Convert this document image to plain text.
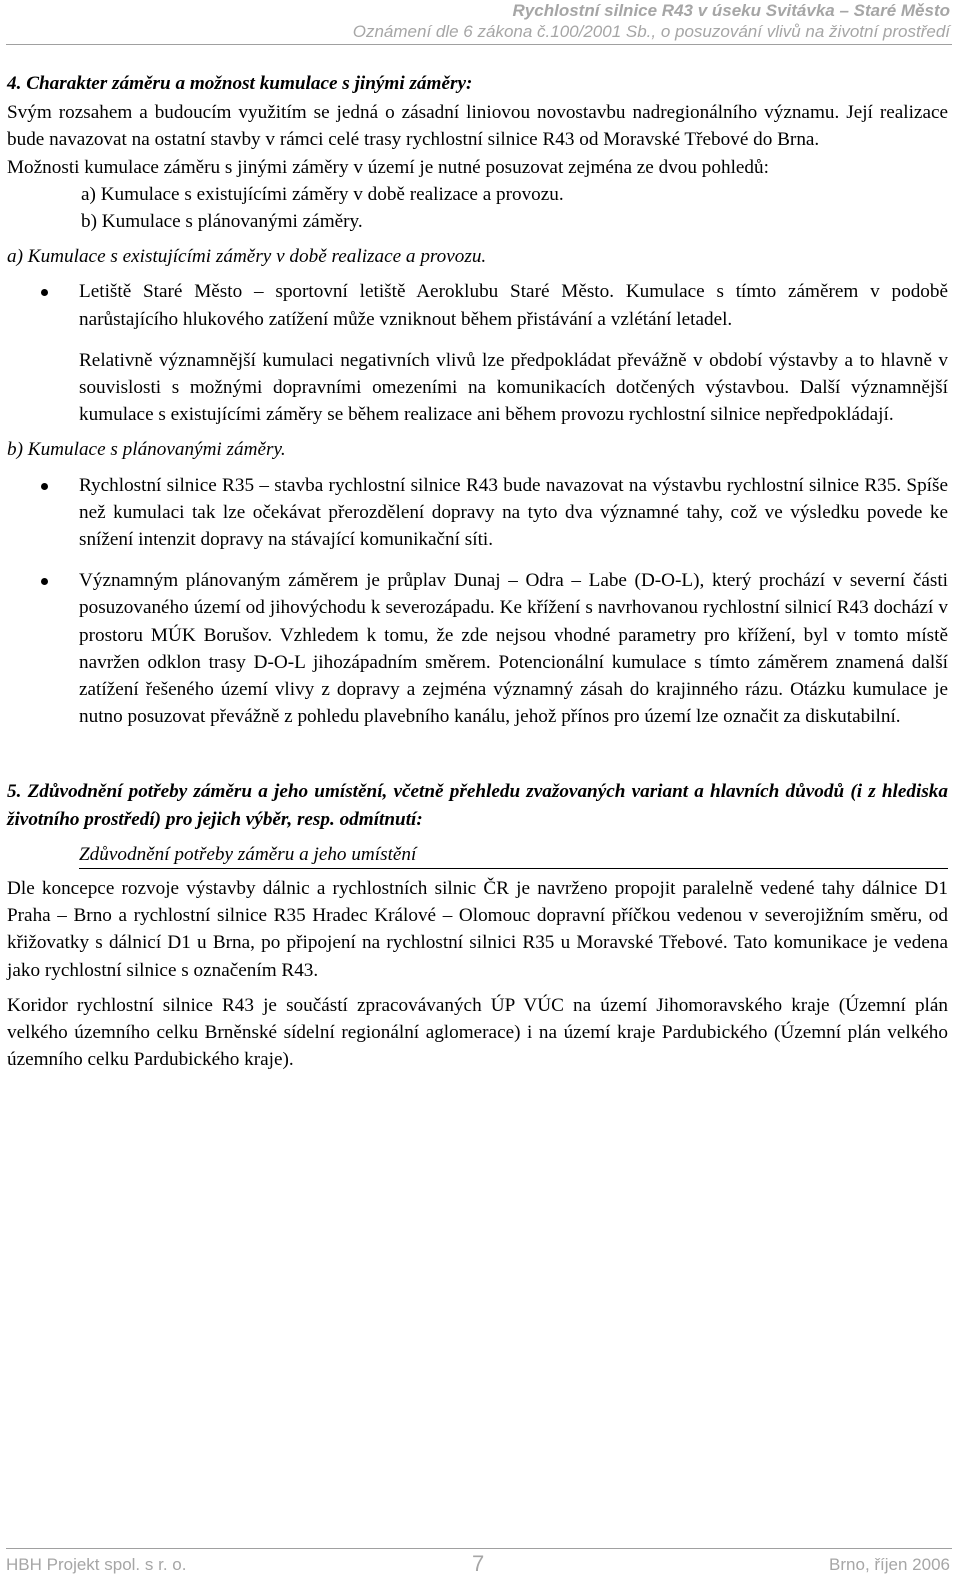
Rychlostní silnice R43 v úseku Svitávka – Staré Město
Oznámení dle 6 zákona č.100/2001 Sb., o posuzování vlivů na životní prostředí

4. Charakter záměru a možnost kumulace s jinými záměry:

Svým rozsahem a budoucím využitím se jedná o zásadní liniovou novostavbu nadregionálního významu. Její realizace bude navazovat na ostatní stavby v rámci celé trasy rychlostní silnice R43 od Moravské Třebové do Brna.

Možnosti kumulace záměru s jinými záměry v území je nutné posuzovat zejména ze dvou pohledů:

a) Kumulace s existujícími záměry v době realizace a provozu.

b) Kumulace s plánovanými záměry.

a) Kumulace s existujícími záměry v době realizace a provozu.

Letiště Staré Město – sportovní letiště Aeroklubu Staré Město. Kumulace s tímto záměrem v podobě narůstajícího hlukového zatížení může vzniknout během přistávání a vzlétání letadel.

Relativně významnější kumulaci negativních vlivů lze předpokládat převážně v období výstavby a to hlavně v souvislosti s možnými dopravními omezeními na komunikacích dotčených výstavbou. Další významnější kumulace s existujícími záměry se během realizace ani během provozu rychlostní silnice nepředpokládají.

b) Kumulace s plánovanými záměry.

Rychlostní silnice R35 – stavba rychlostní silnice R43 bude navazovat na výstavbu rychlostní silnice R35. Spíše než kumulaci tak lze očekávat přerozdělení dopravy na tyto dva významné tahy, což ve výsledku povede ke snížení intenzit dopravy na stávající komunikační síti.
Významným plánovaným záměrem je průplav Dunaj – Odra – Labe (D-O-L), který prochází v severní části posuzovaného území od jihovýchodu k severozápadu. Ke křížení s navrhovanou rychlostní silnicí R43 dochází v prostoru MÚK Borušov. Vzhledem k tomu, že zde nejsou vhodné parametry pro křížení, byl v tomto místě navržen odklon trasy D-O-L jihozápadním směrem. Potencionální kumulace s tímto záměrem znamená další zatížení řešeného území vlivy z dopravy a zejména významný zásah do krajinného rázu. Otázku kumulace je nutno posuzovat převážně z pohledu plavebního kanálu, jehož přínos pro území lze označit za diskutabilní.

5. Zdůvodnění potřeby záměru a jeho umístění, včetně přehledu zvažovaných variant a hlavních důvodů (i z hlediska životního prostředí) pro jejich výběr, resp. odmítnutí:

Zdůvodnění potřeby záměru a jeho umístění

Dle koncepce rozvoje výstavby dálnic a rychlostních silnic ČR je navrženo propojit paralelně vedené tahy dálnice D1 Praha – Brno a rychlostní silnice R35 Hradec Králové – Olomouc dopravní příčkou vedenou v severojižním směru, od křižovatky s dálnicí D1 u Brna, po připojení na rychlostní silnici R35 u Moravské Třebové. Tato komunikace je vedena jako rychlostní silnice s označením R43.

Koridor rychlostní silnice R43 je součástí zpracovávaných ÚP VÚC na území Jihomoravského kraje (Územní plán velkého územního celku Brněnské sídelní regionální aglomerace) i na území kraje Pardubického (Územní plán velkého územního celku Pardubického kraje).

HBH Projekt spol. s r. o.	7	Brno, říjen 2006
